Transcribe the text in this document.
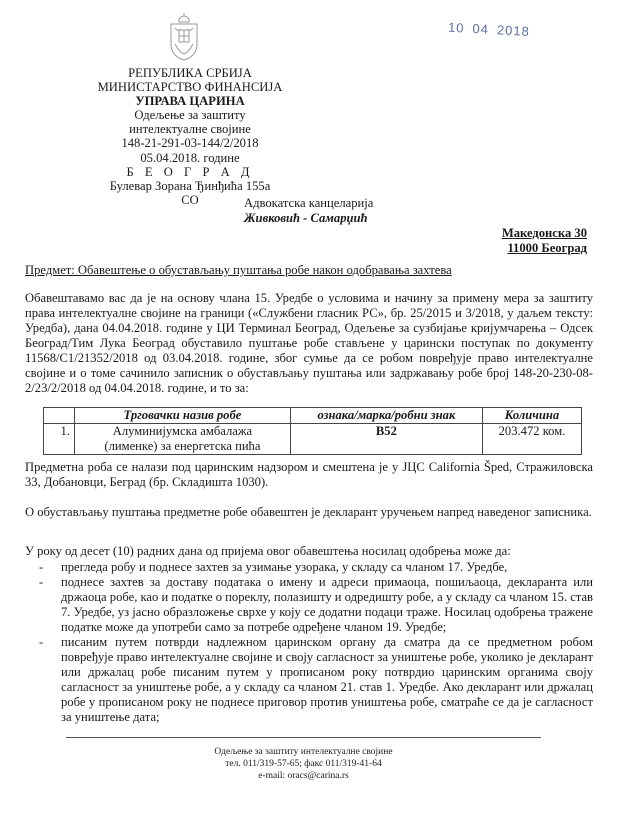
10 04 2018
РЕПУБЛИКА СРБИЈА
МИНИСТАРСТВО ФИНАНСИЈА
УПРАВА ЦАРИНА
Одељење за заштиту
интелектуалне својине
148-21-291-03-144/2/2018
05.04.2018. године
Б Е О Г Р А Д
Булевар Зорана Ђинђића 155а
СО	Адвокатска канцеларија
Живковић - Самарџић
Македонска 30
11000 Београд
Предмет: Обавештење о обустављању пуштања робе након одобравања захтева
Обавештавамо вас да је на основу члана 15. Уредбе о условима и начину за примену мера за заштиту права интелектуалне својине на граници («Службени гласник РС», бр. 25/2015 и 3/2018, у даљем тексту: Уредба), дана 04.04.2018. године у ЦИ Терминал Београд, Одељење за сузбијање кријумчарења – Одсек Београд/Тим Лука Београд обуставило пуштање робе стављене у царински поступак по документу 11568/C1/21352/2018 од 03.04.2018. године, због сумње да се робом повређује право интелектуалне својине и о томе сачинило записник о обустављању пуштања или задржавању робе број 148-20-230-08-2/23/2/2018 од 04.04.2018. године, и то за:
	Трговачки назив робе	ознака/марка/робни знак	Количина
1.	Алуминијумска амбалажа
(лименке) за енергетска пића	B52	203.472 ком.
Предметна роба се налази под царинским надзором и смештена је у ЈЦС California Šped, Стражиловска 33, Добановци, Беград (бр. Складишта 1030).
О обустављању пуштања предметне робе обавештен је декларант уручењем напред наведеног записника.
У року од десет (10) радних дана од пријема овог обавештења носилац одобрења може да:
- прегледа робу и поднесе захтев за узимање узорака, у складу са чланом 17. Уредбе,
- поднесе захтев за доставу података о имену и адреси примаоца, пошиљаоца, декларанта или држаоца робе, као и податке о пореклу, полазишту и одредишту робе, а у складу са чланом 15. став 7. Уредбе, уз јасно образложење сврхе у коју се додатни подаци траже. Носилац одобрења тражене податке може да употреби само за потребе одређене чланом 19. Уредбе;
- писаним путем потврди надлежном царинском органу да сматра да се предметном робом повређује право интелектуалне својине и своју сагласност за уништење робе, уколико је декларант или држалац робе писаним путем у прописаном року потврдио царинским органима своју сагласност за уништење робе, а у складу са чланом 21. став 1. Уредбе. Ако декларант или држалац робе у прописаном року не поднесе приговор против уништења робе, сматраће се да је сагласност за уништење дата;
Одељење за заштиту интелектуалне својине
тел. 011/319-57-65; факс 011/319-41-64
e-mail: oracs@carina.rs
